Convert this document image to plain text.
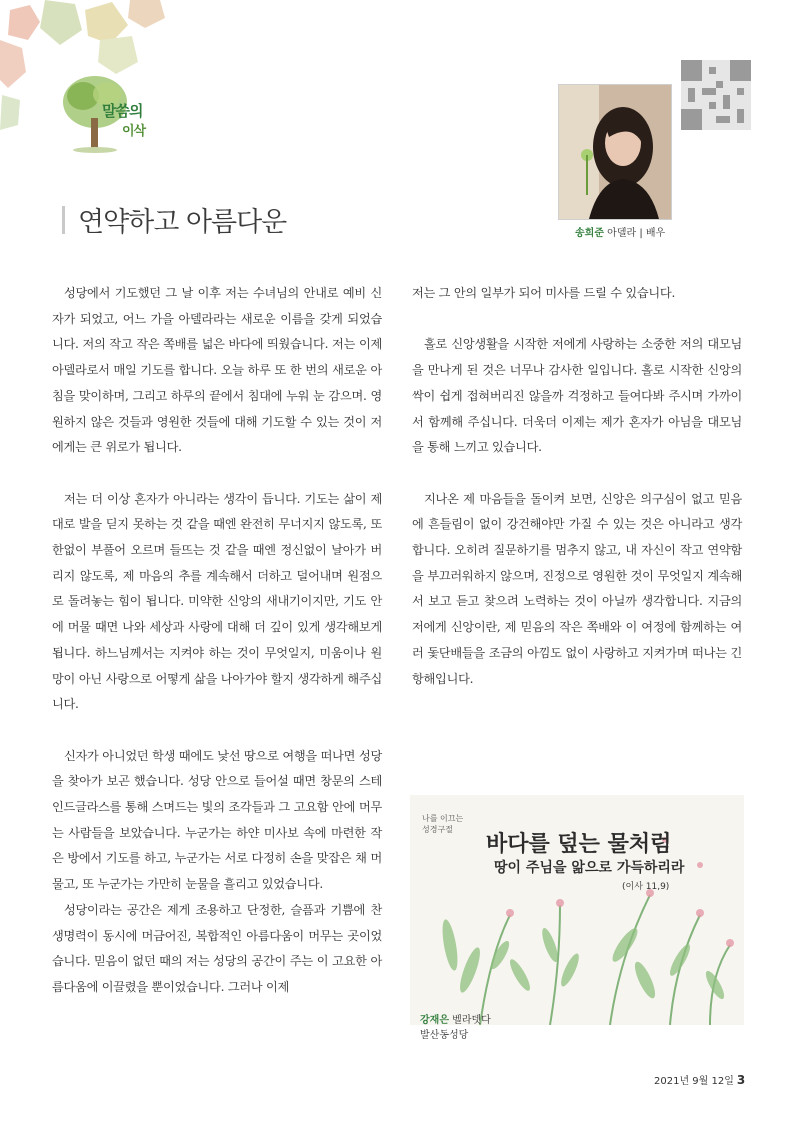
말씀의
이삭
연약하고 아름다운	송희준 아델라 | 배우

성당에서 기도했던 그 날 이후 저는 수녀님의 안내로 예비 신자가 되었고, 어느 가을 아델라라는 새로운 이름을 갖게 되었습니다. 저의 작고 작은 쪽배를 넓은 바다에 띄웠습니다. 저는 이제 아델라로서 매일 기도를 합니다. 오늘 하루 또 한 번의 새로운 아침을 맞이하며, 그리고 하루의 끝에서 침대에 누워 눈 감으며. 영원하지 않은 것들과 영원한 것들에 대해 기도할 수 있는 것이 저에게는 큰 위로가 됩니다.

저는 더 이상 혼자가 아니라는 생각이 듭니다. 기도는 삶이 제대로 발을 딛지 못하는 것 같을 때엔 완전히 무너지지 않도록, 또 한없이 부풀어 오르며 들뜨는 것 같을 때엔 정신없이 날아가 버리지 않도록, 제 마음의 추를 계속해서 더하고 덜어내며 원점으로 돌려놓는 힘이 됩니다. 미약한 신앙의 새내기이지만, 기도 안에 머물 때면 나와 세상과 사랑에 대해 더 깊이 있게 생각해보게 됩니다. 하느님께서는 지켜야 하는 것이 무엇일지, 미움이나 원망이 아닌 사랑으로 어떻게 삶을 나아가야 할지 생각하게 해주십니다.

신자가 아니었던 학생 때에도 낯선 땅으로 여행을 떠나면 성당을 찾아가 보곤 했습니다. 성당 안으로 들어설 때면 창문의 스테인드글라스를 통해 스며드는 빛의 조각들과 그 고요함 안에 머무는 사람들을 보았습니다. 누군가는 하얀 미사보 속에 마련한 작은 방에서 기도를 하고, 누군가는 서로 다정히 손을 맞잡은 채 머물고, 또 누군가는 가만히 눈물을 흘리고 있었습니다.

성당이라는 공간은 제게 조용하고 단정한, 슬픔과 기쁨에 찬 생명력이 동시에 머금어진, 복합적인 아름다움이 머무는 곳이었습니다. 믿음이 없던 때의 저는 성당의 공간이 주는 이 고요한 아름다움에 이끌렸을 뿐이었습니다. 그러나 이제

저는 그 안의 일부가 되어 미사를 드릴 수 있습니다.

홀로 신앙생활을 시작한 저에게 사랑하는 소중한 저의 대모님을 만나게 된 것은 너무나 감사한 일입니다. 홀로 시작한 신앙의 싹이 쉽게 접혀버리진 않을까 걱정하고 들여다봐 주시며 가까이서 함께해 주십니다. 더욱더 이제는 제가 혼자가 아님을 대모님을 통해 느끼고 있습니다.

지나온 제 마음들을 돌이켜 보면, 신앙은 의구심이 없고 믿음에 흔들림이 없이 강건해야만 가질 수 있는 것은 아니라고 생각합니다. 오히려 질문하기를 멈추지 않고, 내 자신이 작고 연약함을 부끄러워하지 않으며, 진정으로 영원한 것이 무엇일지 계속해서 보고 듣고 찾으려 노력하는 것이 아닐까 생각합니다. 지금의 저에게 신앙이란, 제 믿음의 작은 쪽배와 이 여정에 함께하는 여러 돛단배들을 조금의 아낌도 없이 사랑하고 지켜가며 떠나는 긴 항해입니다.

나를 이끄는
성경구절
바다를 덮는 물처럼
땅이 주님을 앎으로 가득하리라
(이사 11,9)
강재은 벨라뎃다
발산동성당
2021년 9월 12일 3
